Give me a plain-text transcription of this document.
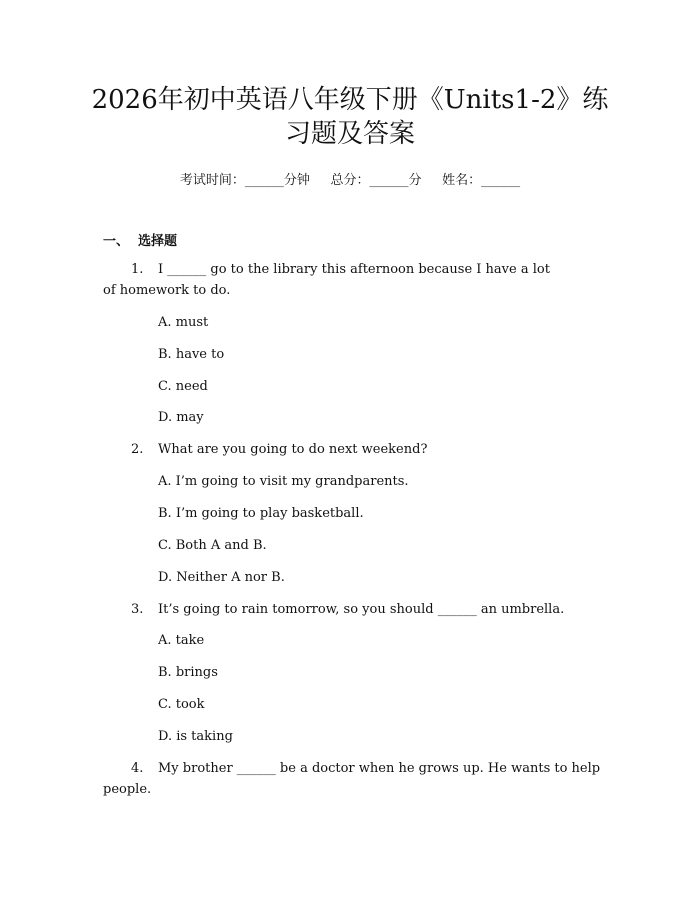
2026年初中英语八年级下册《Units1-2》练
习题及答案
考试时间：______分钟     总分：______分     姓名：______
一、  选择题
1. I ______ go to the library this afternoon because I have a lot
of homework to do.
A. must
B. have to
C. need
D. may
2. What are you going to do next weekend?
A. I’m going to visit my grandparents.
B. I’m going to play basketball.
C. Both A and B.
D. Neither A nor B.
3. It’s going to rain tomorrow, so you should ______ an umbrella.
A. take
B. brings
C. took
D. is taking
4. My brother ______ be a doctor when he grows up. He wants to help
people.
